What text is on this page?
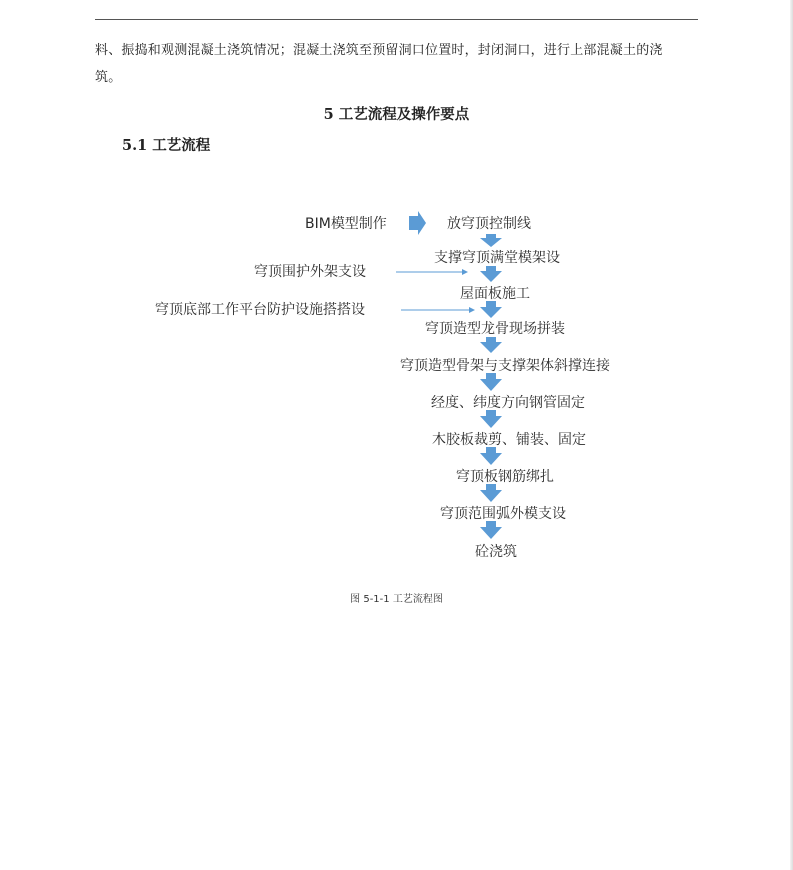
料、振捣和观测混凝土浇筑情况；混凝土浇筑至预留洞口位置时，封闭洞口，进行上部混凝土的浇
筑。
5 工艺流程及操作要点
5.1 工艺流程
BIM模型制作	放穹顶控制线
支撑穹顶满堂模架设
屋面板施工
穹顶造型龙骨现场拼装
穹顶造型骨架与支撑架体斜撑连接
经度、纬度方向钢管固定
木胶板裁剪、铺装、固定
穹顶板钢筋绑扎
穹顶范围弧外模支设
砼浇筑
穹顶围护外架支设
穹顶底部工作平台防护设施搭搭设
图 5-1-1 工艺流程图
